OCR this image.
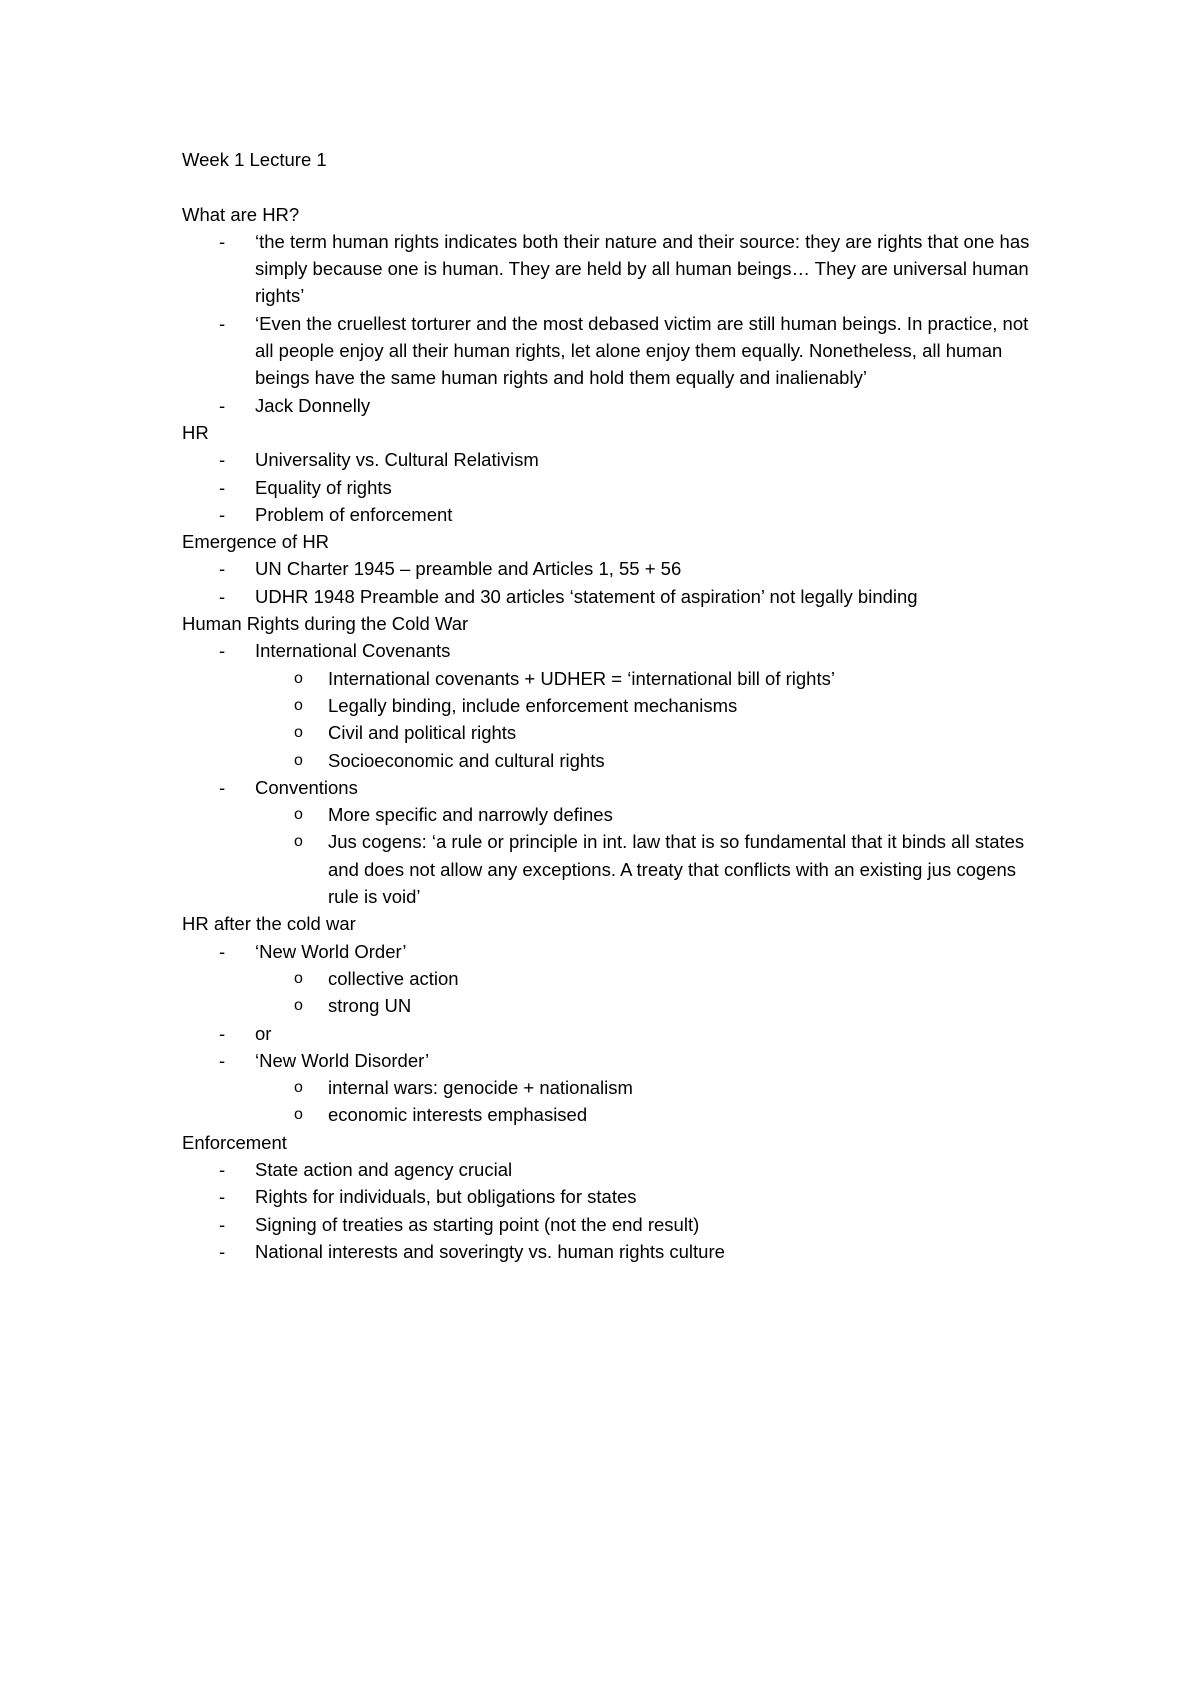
Week 1 Lecture 1
What are HR?
- ‘the term human rights indicates both their nature and their source: they are rights that one has simply because one is human. They are held by all human beings… They are universal human rights’
- ‘Even the cruellest torturer and the most debased victim are still human beings. In practice, not all people enjoy all their human rights, let alone enjoy them equally. Nonetheless, all human beings have the same human rights and hold them equally and inalienably’
- Jack Donnelly
HR
- Universality vs. Cultural Relativism
- Equality of rights
- Problem of enforcement
Emergence of HR
- UN Charter 1945 – preamble and Articles 1, 55 + 56
- UDHR 1948 Preamble and 30 articles ‘statement of aspiration’ not legally binding
Human Rights during the Cold War
- International Covenants
o International covenants + UDHER = ‘international bill of rights’
o Legally binding, include enforcement mechanisms
o Civil and political rights
o Socioeconomic and cultural rights
- Conventions
o More specific and narrowly defines
o Jus cogens: ‘a rule or principle in int. law that is so fundamental that it binds all states and does not allow any exceptions. A treaty that conflicts with an existing jus cogens rule is void’
HR after the cold war
- ‘New World Order’
o collective action
o strong UN
- or
- ‘New World Disorder’
o internal wars: genocide + nationalism
o economic interests emphasised
Enforcement
- State action and agency crucial
- Rights for individuals, but obligations for states
- Signing of treaties as starting point (not the end result)
- National interests and soveringty vs. human rights culture
